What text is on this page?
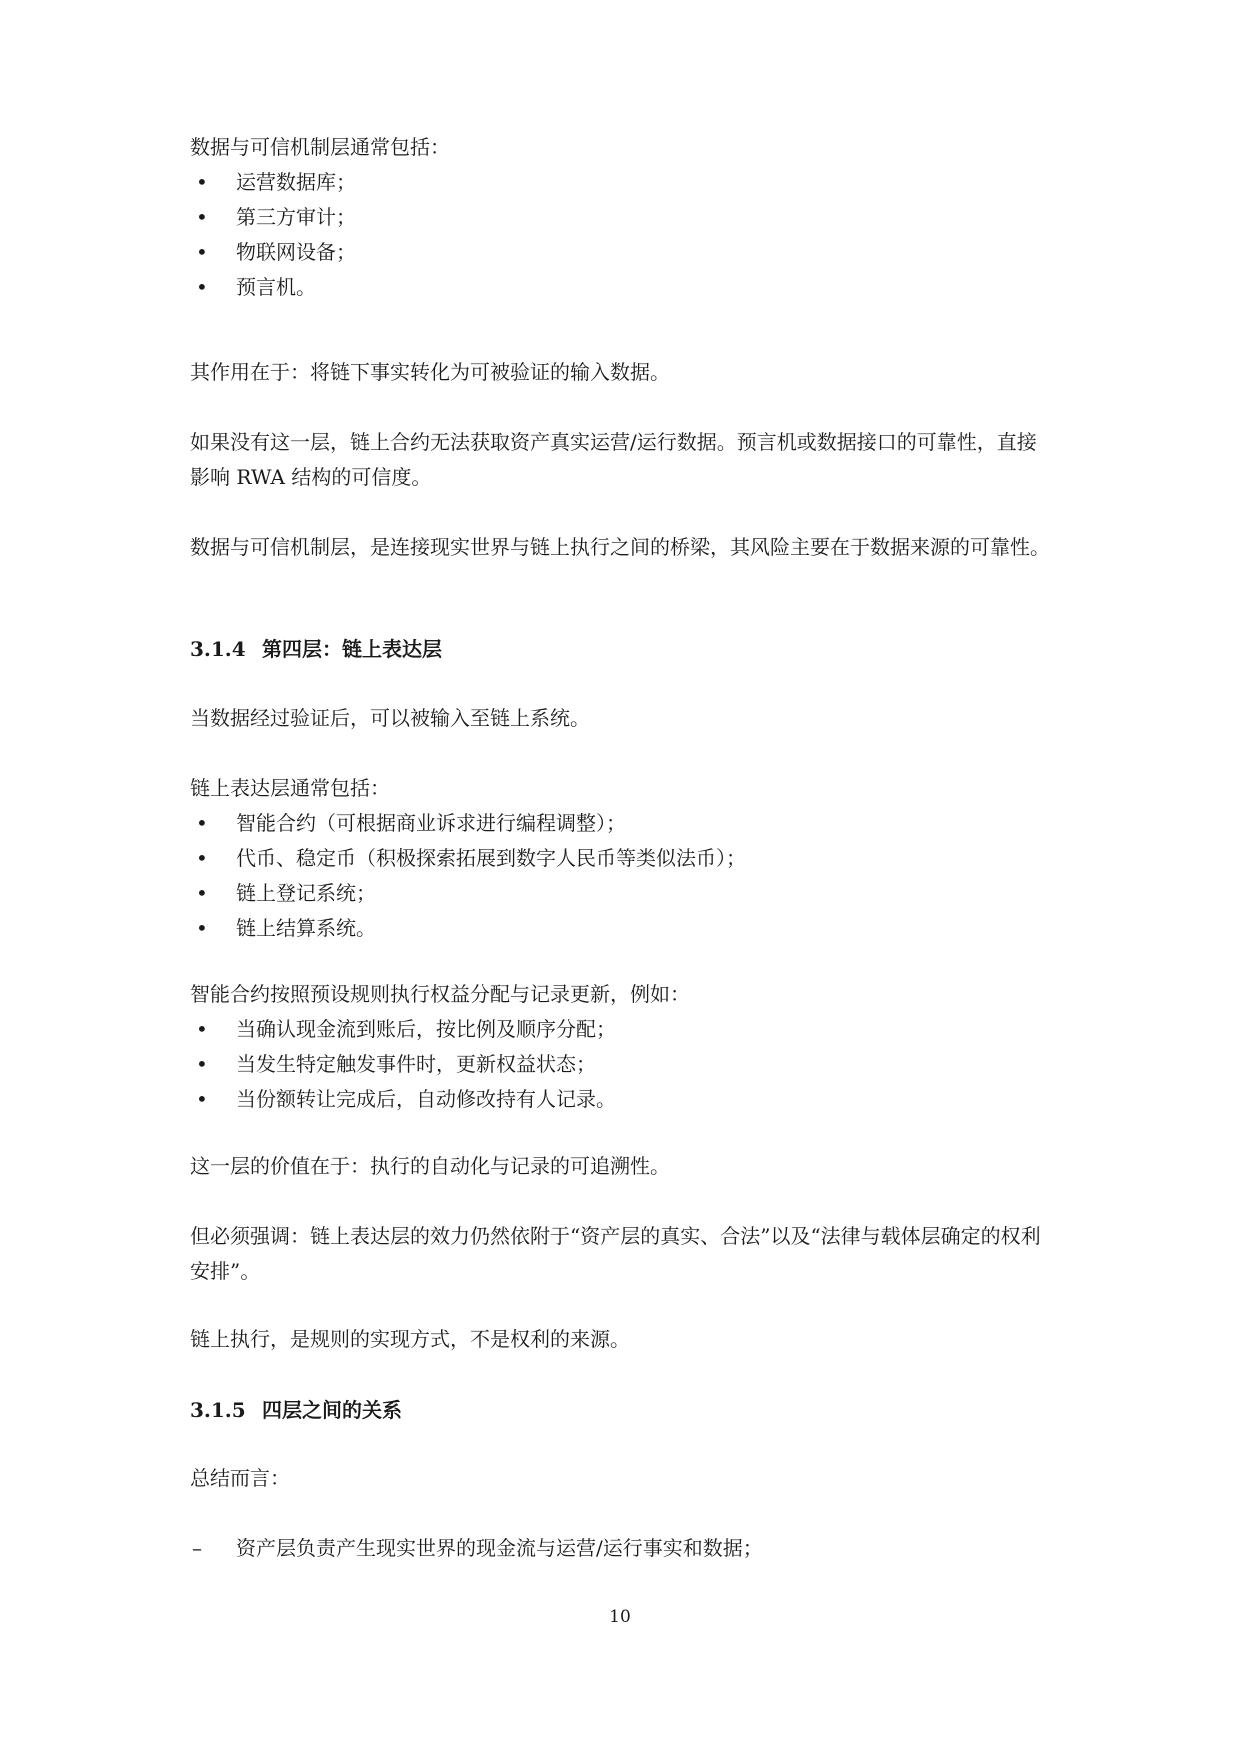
数据与可信机制层通常包括：

• 运营数据库；
• 第三方审计；
• 物联网设备；
• 预言机。

其作用在于：将链下事实转化为可被验证的输入数据。

如果没有这一层，链上合约无法获取资产真实运营/运行数据。预言机或数据接口的可靠性，直接影响 RWA 结构的可信度。

数据与可信机制层，是连接现实世界与链上执行之间的桥梁，其风险主要在于数据来源的可靠性。

3.1.4 第四层：链上表达层

当数据经过验证后，可以被输入至链上系统。

链上表达层通常包括：

• 智能合约（可根据商业诉求进行编程调整）；
• 代币、稳定币（积极探索拓展到数字人民币等类似法币）；
• 链上登记系统；
• 链上结算系统。

智能合约按照预设规则执行权益分配与记录更新，例如：

• 当确认现金流到账后，按比例及顺序分配；
• 当发生特定触发事件时，更新权益状态；
• 当份额转让完成后，自动修改持有人记录。

这一层的价值在于：执行的自动化与记录的可追溯性。

但必须强调：链上表达层的效力仍然依附于“资产层的真实、合法”以及“法律与载体层确定的权利安排”。

链上执行，是规则的实现方式，不是权利的来源。

3.1.5 四层之间的关系

总结而言：

– 资产层负责产生现实世界的现金流与运营/运行事实和数据；
10
